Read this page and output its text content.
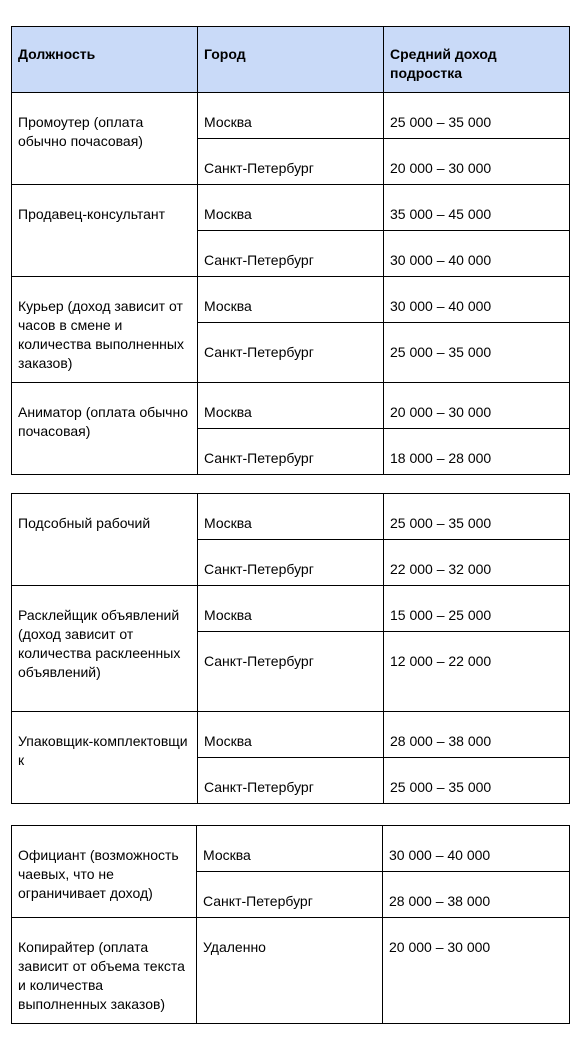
Должность	Город	Средний доход подростка
Промоутер (оплата обычно почасовая)	Москва	25 000 – 35 000
	Санкт-Петербург	20 000 – 30 000
Продавец-консультант	Москва	35 000 – 45 000
	Санкт-Петербург	30 000 – 40 000
Курьер (доход зависит от часов в смене и количества выполненных заказов)	Москва	30 000 – 40 000
	Санкт-Петербург	25 000 – 35 000
Аниматор (оплата обычно почасовая)	Москва	20 000 – 30 000
	Санкт-Петербург	18 000 – 28 000
Подсобный рабочий	Москва	25 000 – 35 000
	Санкт-Петербург	22 000 – 32 000
Расклейщик объявлений (доход зависит от количества расклеенных объявлений)	Москва	15 000 – 25 000
	Санкт-Петербург	12 000 – 22 000
Упаковщик-комплектовщик	Москва	28 000 – 38 000
	Санкт-Петербург	25 000 – 35 000
Официант (возможность чаевых, что не ограничивает доход)	Москва	30 000 – 40 000
	Санкт-Петербург	28 000 – 38 000
Копирайтер (оплата зависит от объема текста и количества выполненных заказов)	Удаленно	20 000 – 30 000
